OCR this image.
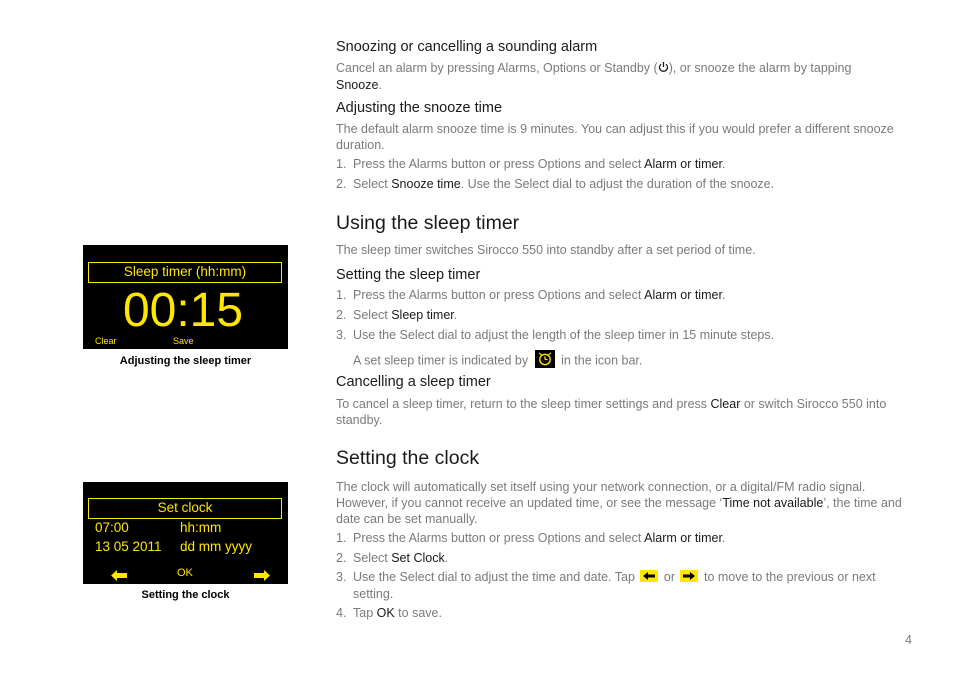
Snoozing or cancelling a sounding alarm
Cancel an alarm by pressing Alarms, Options or Standby ( ), or snooze the alarm by tapping
Snooze.
Adjusting the snooze time
The default alarm snooze time is 9 minutes. You can adjust this if you would prefer a different snooze duration.
1. Press the Alarms button or press Options and select Alarm or timer.
2. Select Snooze time. Use the Select dial to adjust the duration of the snooze.
Using the sleep timer
The sleep timer switches Sirocco 550 into standby after a set period of time.
Setting the sleep timer
1. Press the Alarms button or press Options and select Alarm or timer.
2. Select Sleep timer.
3. Use the Select dial to adjust the length of the sleep timer in 15 minute steps.
A set sleep timer is indicated by	in the icon bar.
Cancelling a sleep timer
To cancel a sleep timer, return to the sleep timer settings and press Clear or switch Sirocco 550 into standby.
Setting the clock
The clock will automatically set itself using your network connection, or a digital/FM radio signal. However, if you cannot receive an updated time, or see the message ‘Time not available’, the time and date can be set manually.
1. Press the Alarms button or press Options and select Alarm or timer.
2. Select Set Clock.
3. Use the Select dial to adjust the time and date. Tap or to move to the previous or next
setting.
4. Tap OK to save.
Sleep timer (hh:mm)
00:15
Clear	Save
Adjusting the sleep timer
Set clock
07:00	hh:mm
13 05 2011 dd mm yyyy
OK
Setting the clock
4
